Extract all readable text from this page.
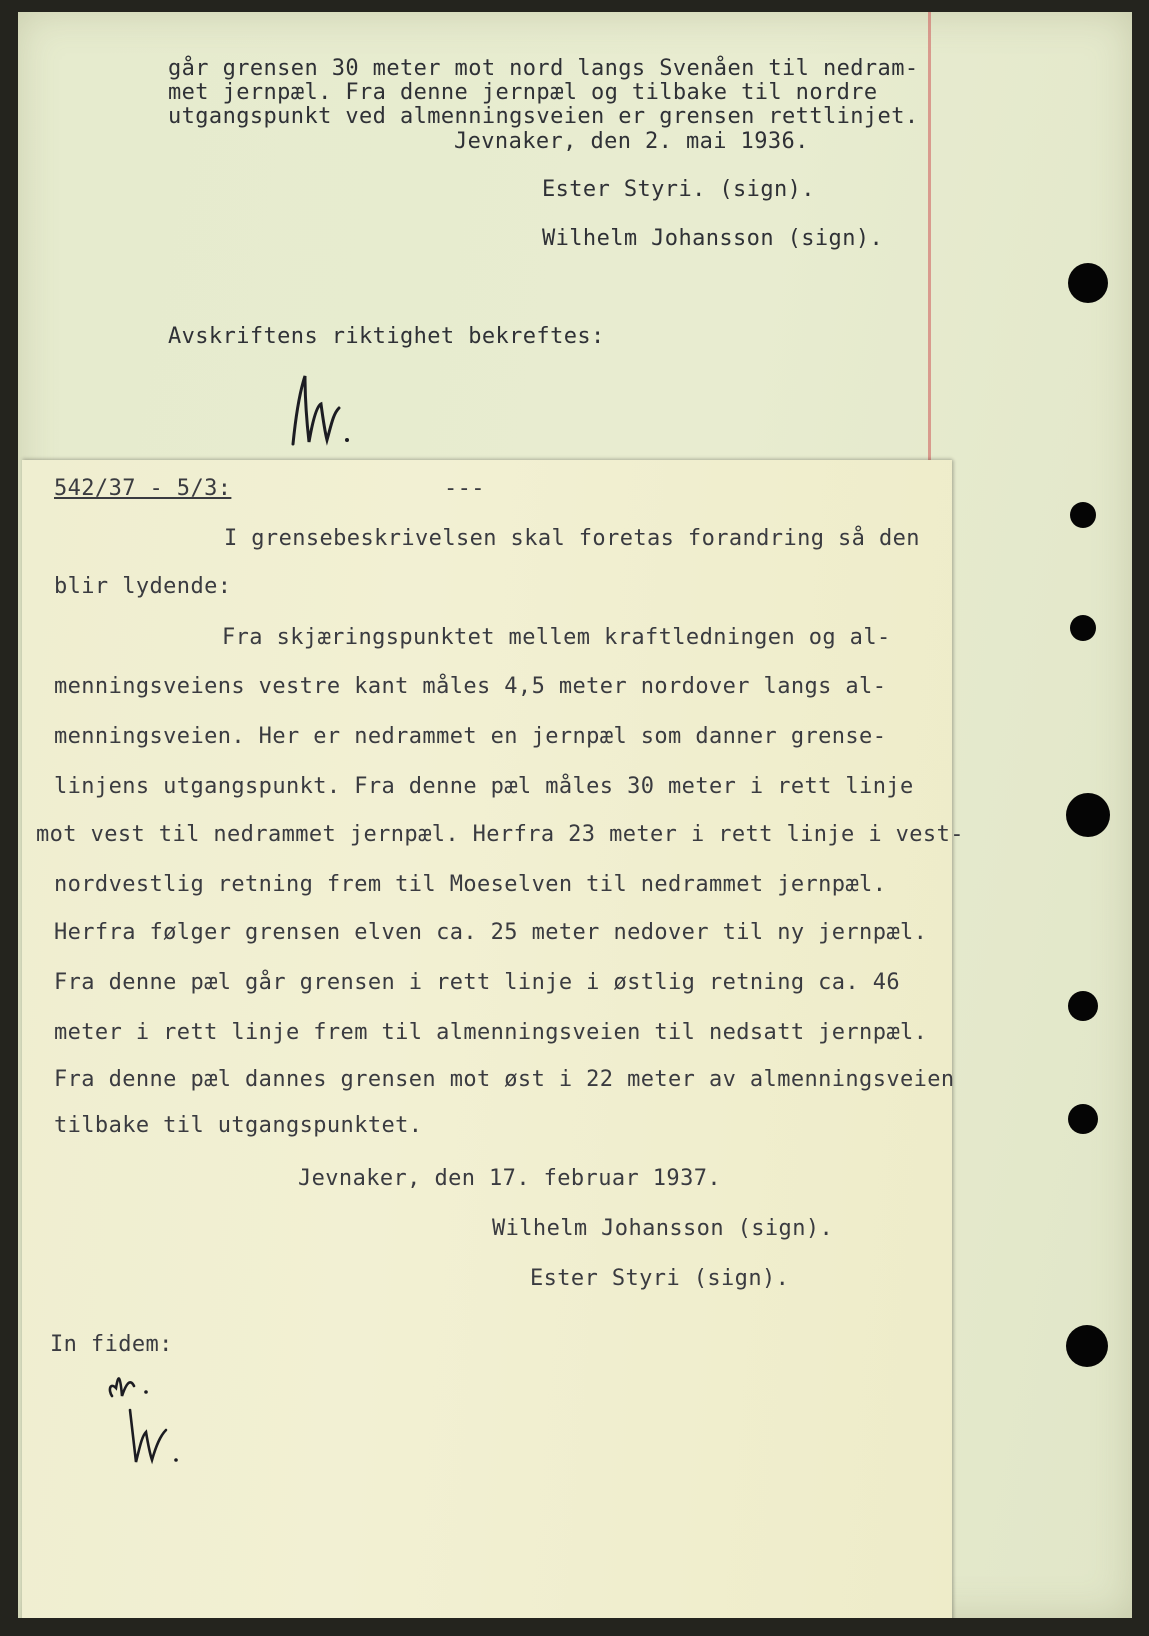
går grensen 30 meter mot nord langs Svenåen til nedram-
met jernpæl. Fra denne jernpæl og tilbake til nordre
utgangspunkt ved almenningsveien er grensen rettlinjet.
Jevnaker, den 2. mai 1936.
Ester Styri. (sign).
Wilhelm Johansson (sign).
Avskriftens riktighet bekreftes:
542/37 - 5/3:	---
I grensebeskrivelsen skal foretas forandring så den
blir lydende:
Fra skjæringspunktet mellem kraftledningen og al-
menningsveiens vestre kant måles 4,5 meter nordover langs al-
menningsveien. Her er nedrammet en jernpæl som danner grense-
linjens utgangspunkt. Fra denne pæl måles 30 meter i rett linje
mot vest til nedrammet jernpæl. Herfra 23 meter i rett linje i vest-
nordvestlig retning frem til Moeselven til nedrammet jernpæl.
Herfra følger grensen elven ca. 25 meter nedover til ny jernpæl.
Fra denne pæl går grensen i rett linje i østlig retning ca. 46
meter i rett linje frem til almenningsveien til nedsatt jernpæl.
Fra denne pæl dannes grensen mot øst i 22 meter av almenningsveien
tilbake til utgangspunktet.
Jevnaker, den 17. februar 1937.
Wilhelm Johansson (sign).
Ester Styri (sign).
In fidem:
